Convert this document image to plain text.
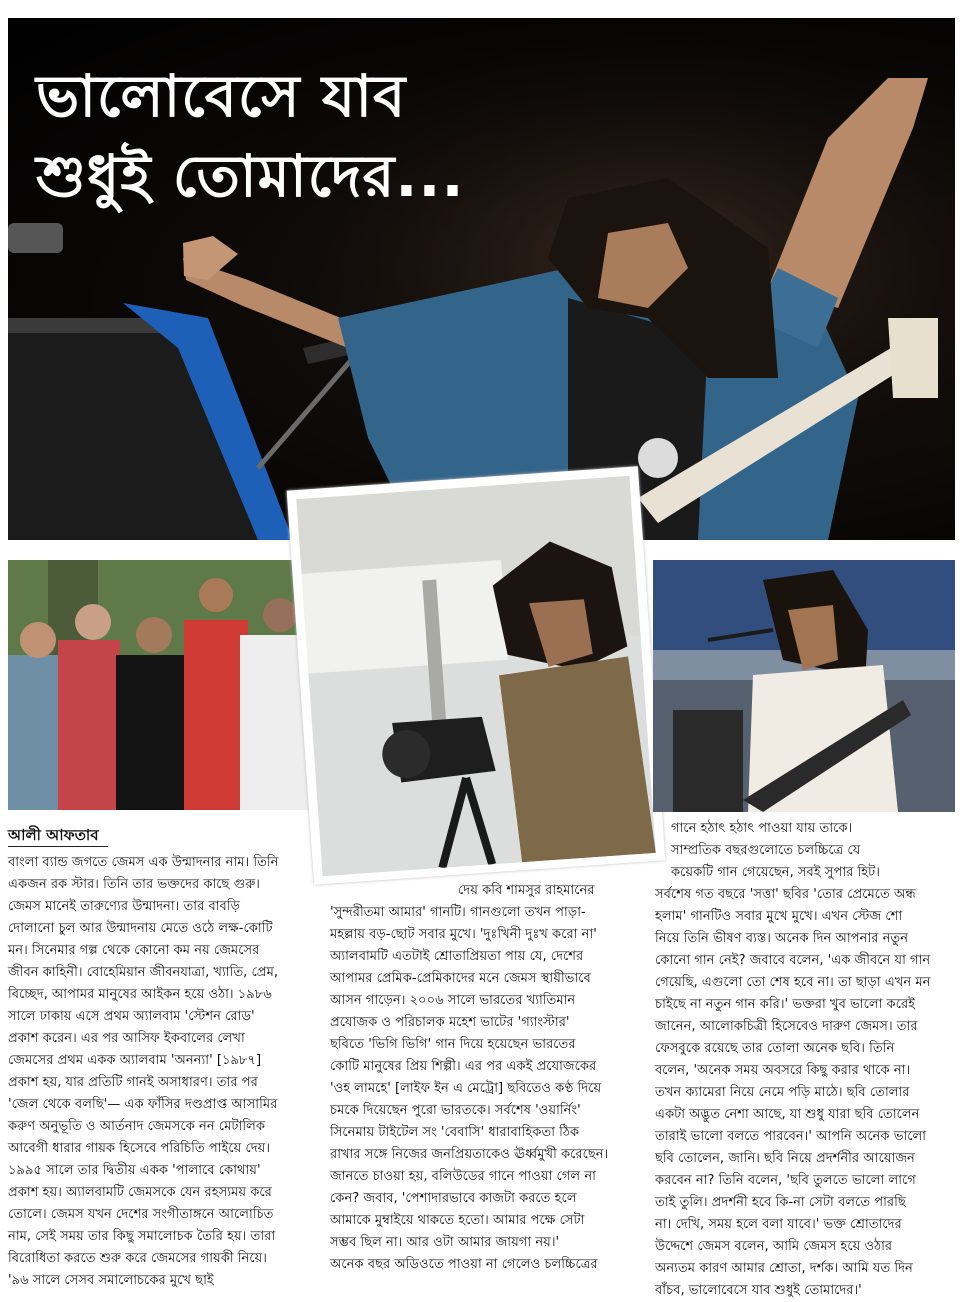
ভালোবেসে যাব
শুধুই তোমাদের...

আলী আফতাব

বাংলা ব্যান্ড জগতে জেমস এক উন্মাদনার নাম। তিনি

একজন রক স্টার। তিনি তার ভক্তদের কাছে গুরু।

জেমস মানেই তারুণ্যের উন্মাদনা। তার বাবড়ি

দোলানো চুল আর উন্মাদনায় মেতে ওঠে লক্ষ-কোটি

মন। সিনেমার গল্প থেকে কোনো কম নয় জেমসের

জীবন কাহিনী। বোহেমিয়ান জীবনযাত্রা, খ্যাতি, প্রেম,

বিচ্ছেদ, আপামর মানুষের আইকন হয়ে ওঠা। ১৯৮৬

সালে ঢাকায় এসে প্রথম অ্যালবাম 'স্টেশন রোড'

প্রকাশ করেন। এর পর আসিফ ইকবালের লেখা

জেমসের প্রথম একক অ্যালবাম 'অনন্যা' [১৯৮৭]

প্রকাশ হয়, যার প্রতিটি গানই অসাধারণ। তার পর

'জেল থেকে বলছি'— এক ফাঁসির দণ্ডপ্রাপ্ত আসামির

করুণ অনুভূতি ও আর্তনাদ জেমসকে নন মেটালিক

আবেগী ধারার গায়ক হিসেবে পরিচিতি পাইয়ে দেয়।

১৯৯৫ সালে তার দ্বিতীয় একক 'পালাবে কোথায়'

প্রকাশ হয়। অ্যালবামটি জেমসকে যেন রহস্যময় করে

তোলে। জেমস যখন দেশের সংগীতাঙ্গনে আলোচিত

নাম, সেই সময় তার কিছু সমালোচক তৈরি হয়। তারা

বিরোধিতা করতে শুরু করে জেমসের গায়কী নিয়ে।

'৯৬ সালে সেসব সমালোচকের মুখে ছাই

দেয় কবি শামসুর রাহমানের

'সুন্দরীতমা আমার' গানটি। গানগুলো তখন পাড়া-

মহল্লায় বড়-ছোট সবার মুখে। 'দুঃখিনী দুঃখ করো না'

অ্যালবামটি এতটাই শ্রোতাপ্রিয়তা পায় যে, দেশের

আপামর প্রেমিক-প্রেমিকাদের মনে জেমস স্থায়ীভাবে

আসন গাড়েন। ২০০৬ সালে ভারতের খ্যাতিমান

প্রযোজক ও পরিচালক মহেশ ভাটের 'গ্যাংস্টার'

ছবিতে 'ভিগি ভিগি' গান দিয়ে হয়েছেন ভারতের

কোটি মানুষের প্রিয় শিল্পী। এর পর একই প্রযোজকের

'ওহ লামহে' [লাইফ ইন এ মেট্রো] ছবিতেও কণ্ঠ দিয়ে

চমকে দিয়েছেন পুরো ভারতকে। সর্বশেষ 'ওয়ার্নিং'

সিনেমায় টাইটেল সং 'বেবাসি' ধারাবাহিকতা ঠিক

রাখার সঙ্গে নিজের জনপ্রিয়তাকেও ঊর্ধ্বমুখী করেছেন।

জানতে চাওয়া হয়, বলিউডের গানে পাওয়া গেল না

কেন? জবাব, 'পেশাদারভাবে কাজটা করতে হলে

আমাকে মুম্বাইয়ে থাকতে হতো। আমার পক্ষে সেটা

সম্ভব ছিল না। আর ওটা আমার জায়গা নয়।'

অনেক বছর অডিওতে পাওয়া না গেলেও চলচ্চিত্রের

গানে হঠাৎ হঠাৎ পাওয়া যায় তাকে।

সাম্প্রতিক বছরগুলোতে চলচ্চিত্রে যে

কয়েকটি গান গেয়েছেন, সবই সুপার হিট।

সর্বশেষ গত বছরে 'সত্তা' ছবির 'তোর প্রেমেতে অন্ধ

হলাম' গানটিও সবার মুখে মুখে। এখন স্টেজ শো

নিয়ে তিনি ভীষণ ব্যস্ত। অনেক দিন আপনার নতুন

কোনো গান নেই? জবাবে বলেন, 'এক জীবনে যা গান

গেয়েছি, এগুলো তো শেষ হবে না। তা ছাড়া এখন মন

চাইছে না নতুন গান করি।' ভক্তরা খুব ভালো করেই

জানেন, আলোকচিত্রী হিসেবেও দারুণ জেমস। তার

ফেসবুকে রয়েছে তার তোলা অনেক ছবি। তিনি

বলেন, 'অনেক সময় অবসরে কিছু করার থাকে না।

তখন ক্যামেরা নিয়ে নেমে পড়ি মাঠে। ছবি তোলার

একটা অদ্ভুত নেশা আছে, যা শুধু যারা ছবি তোলেন

তারাই ভালো বলতে পারবেন।' আপনি অনেক ভালো

ছবি তোলেন, জানি। ছবি নিয়ে প্রদর্শনীর আয়োজন

করবেন না? তিনি বলেন, 'ছবি তুলতে ভালো লাগে

তাই তুলি। প্রদর্শনী হবে কি-না সেটা বলতে পারছি

না। দেখি, সময় হলে বলা যাবে।' ভক্ত শ্রোতাদের

উদ্দেশে জেমস বলেন, আমি জেমস হয়ে ওঠার

অন্যতম কারণ আমার শ্রোতা, দর্শক। আমি যত দিন

বাঁচব, ভালোবেসে যাব শুধুই তোমাদের।'
